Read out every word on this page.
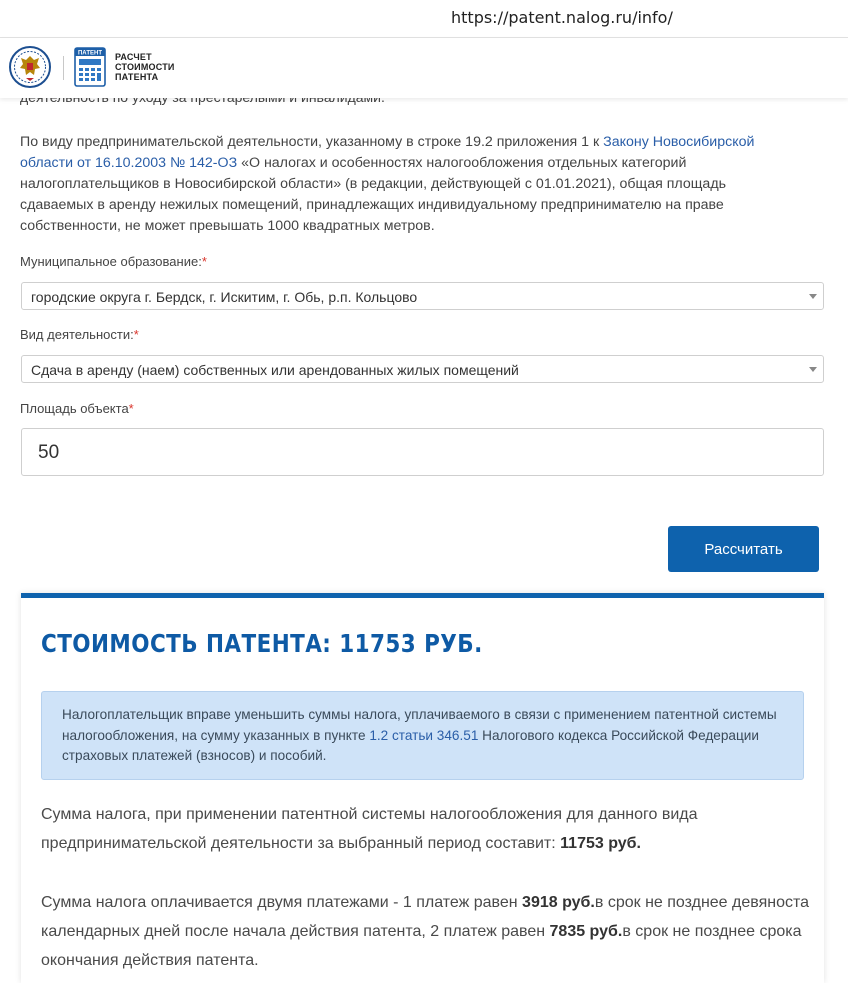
https://patent.nalog.ru/info/
ПАТЕНТ РАСЧЕТ
СТОИМОСТИ
ПАТЕНТА

По виду предпринимательской деятельности, указанному в строке 19.2 приложения 1 к Закону Новосибирской области от 16.10.2003 № 142-ОЗ «О налогах и особенностях налогообложения отдельных категорий налогоплательщиков в Новосибирской области» (в редакции, действующей с 01.01.2021), общая площадь сдаваемых в аренду нежилых помещений, принадлежащих индивидуальному предпринимателю на праве собственности, не может превышать 1000 квадратных метров.

Муниципальное образование:*
городские округа г. Бердск, г. Искитим, г. Обь, р.п. Кольцово
Вид деятельности:*
Сдача в аренду (наем) собственных или арендованных жилых помещений
Площадь объекта*
50
Рассчитать
СТОИМОСТЬ ПАТЕНТА: 11753 РУБ.
Налогоплательщик вправе уменьшить суммы налога, уплачиваемого в связи с применением патентной системы налогообложения, на сумму указанных в пункте 1.2 статьи 346.51 Налогового кодекса Российской Федерации страховых платежей (взносов) и пособий.

Сумма налога, при применении патентной системы налогообложения для данного вида предпринимательской деятельности за выбранный период составит: 11753 руб.

Сумма налога оплачивается двумя платежами - 1 платеж равен 3918 руб.в срок не позднее девяноста календарных дней после начала действия патента, 2 платеж равен 7835 руб.в срок не позднее срока окончания действия патента.
